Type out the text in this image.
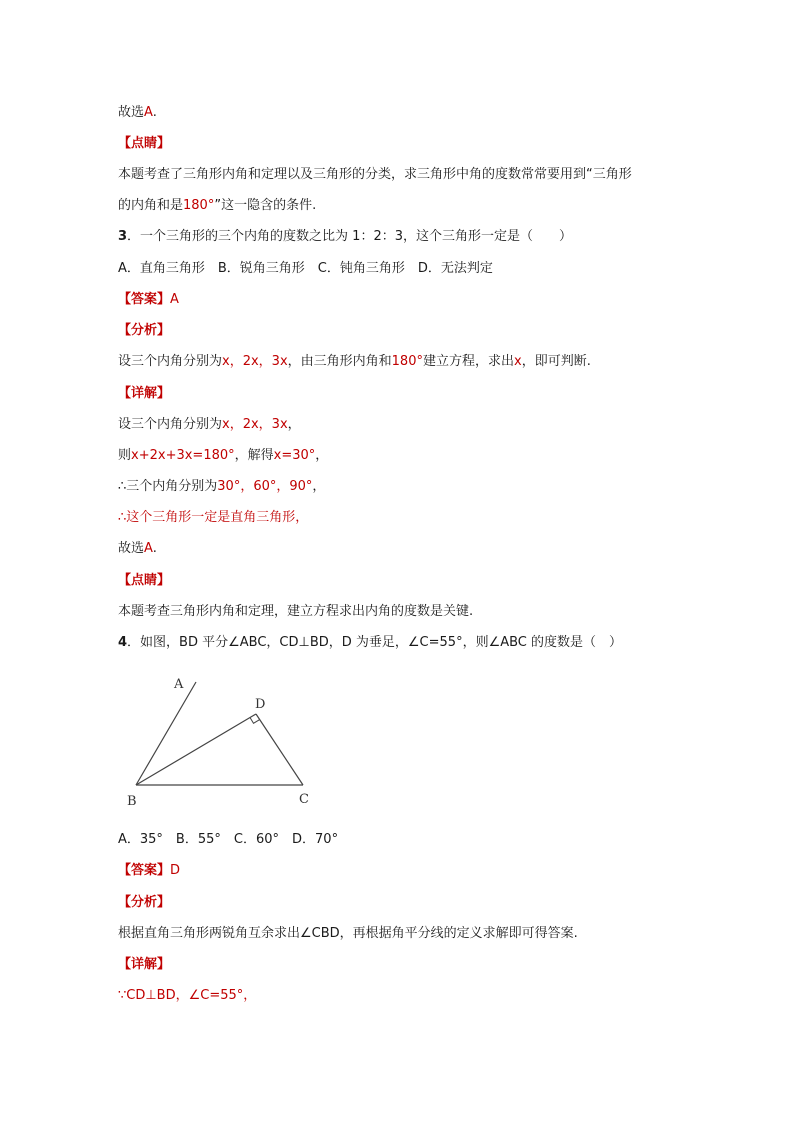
故选A.
【点睛】
本题考查了三角形内角和定理以及三角形的分类，求三角形中角的度数常常要用到“三角形
的内角和是180°”这一隐含的条件.
3．一个三角形的三个内角的度数之比为 1：2：3，这个三角形一定是（　　）
A．直角三角形　B．锐角三角形　C．钝角三角形　D．无法判定
【答案】A
【分析】
设三个内角分别为x，2x，3x，由三角形内角和180°建立方程，求出x，即可判断.
【详解】
设三个内角分别为x，2x，3x，
则x+2x+3x=180°，解得x=30°，
∴三个内角分别为30°，60°，90°，
∴这个三角形一定是直角三角形，
故选A.
【点睛】
本题考查三角形内角和定理，建立方程求出内角的度数是关键.
4．如图，BD 平分∠ABC，CD⊥BD，D 为垂足，∠C=55°，则∠ABC 的度数是（　）
A
D
B	C
A．35°　B．55°　C．60°　D．70°
【答案】D
【分析】
根据直角三角形两锐角互余求出∠CBD，再根据角平分线的定义求解即可得答案.
【详解】
∵CD⊥BD，∠C=55°，
